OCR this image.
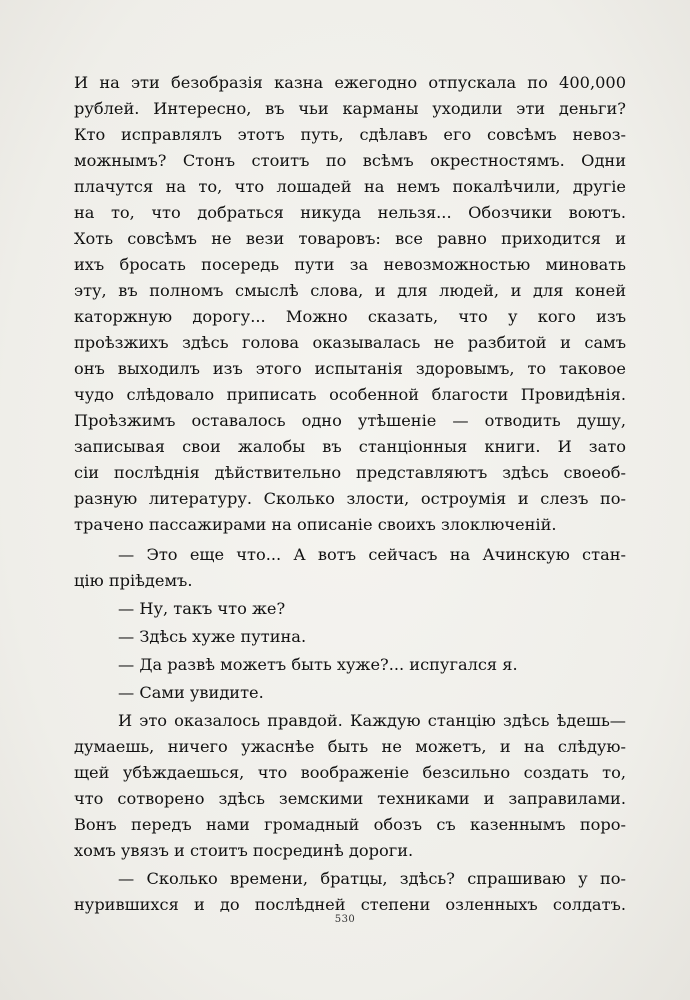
И на эти безобразія казна ежегодно отпускала по 400,000
рублей. Интересно, въ чьи карманы уходили эти деньги?
Кто исправлялъ этотъ путь, сдѣлавъ его совсѣмъ невоз-
можнымъ? Стонъ стоитъ по всѣмъ окрестностямъ. Одни
плачутся на то, что лошадей на немъ покалѣчили, другіе
на то, что добраться никуда нельзя... Обозчики воютъ.
Хоть совсѣмъ не вези товаровъ: все равно приходится и
ихъ бросать посередь пути за невозможностью миновать
эту, въ полномъ смыслѣ слова, и для людей, и для коней
каторжную дорогу... Можно сказать, что у кого изъ
проѣзжихъ здѣсь голова оказывалась не разбитой и самъ
онъ выходилъ изъ этого испытанія здоровымъ, то таковое
чудо слѣдовало приписать особенной благости Провидѣнія.
Проѣзжимъ оставалось одно утѣшеніе — отводить душу,
записывая свои жалобы въ станціонныя книги. И зато
сіи послѣднія дѣйствительно представляютъ здѣсь своеоб-
разную литературу. Сколько злости, остроумія и слезъ по-
трачено пассажирами на описаніе своихъ злоключеній.
— Это еще что... А вотъ сейчасъ на Ачинскую стан-
цію пріѣдемъ.
— Ну, такъ что же?
— Здѣсь хуже путина.
— Да развѣ можетъ быть хуже?... испугался я.
— Сами увидите.
И это оказалось правдой. Каждую станцію здѣсь ѣдешь—
думаешь, ничего ужаснѣе быть не можетъ, и на слѣдую-
щей убѣждаешься, что воображеніе безсильно создать то,
что сотворено здѣсь земскими техниками и заправилами.
Вонъ передъ нами громадный обозъ съ казеннымъ поро-
хомъ увязъ и стоитъ посрединѣ дороги.
— Сколько времени, братцы, здѣсь? спрашиваю у по-
нурившихся и до послѣдней степени озленныхъ солдатъ.
530
